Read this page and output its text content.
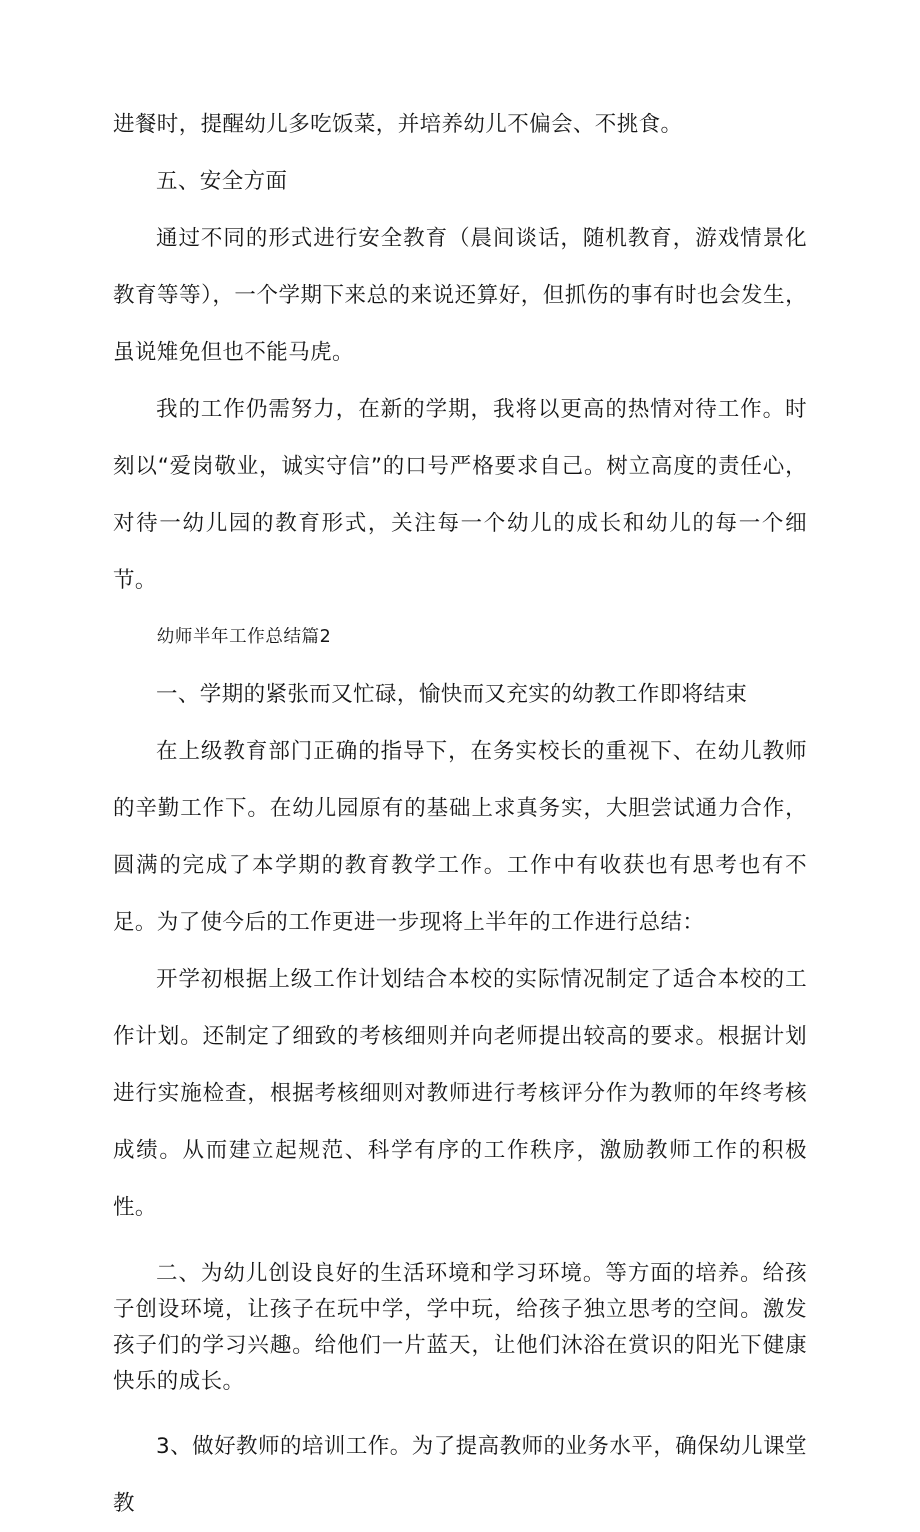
进餐时，提醒幼儿多吃饭菜，并培养幼儿不偏会、不挑食。

五、安全方面

通过不同的形式进行安全教育（晨间谈话，随机教育，游戏情景化教育等等），一个学期下来总的来说还算好，但抓伤的事有时也会发生，虽说雉免但也不能马虎。

我的工作仍需努力，在新的学期，我将以更高的热情对待工作。时刻以“爱岗敬业，诚实守信”的口号严格要求自己。树立高度的责任心，对待一幼儿园的教育形式，关注每一个幼儿的成长和幼儿的每一个细节。

幼师半年工作总结篇2

一、学期的紧张而又忙碌，愉快而又充实的幼教工作即将结束

在上级教育部门正确的指导下，在务实校长的重视下、在幼儿教师的辛勤工作下。在幼儿园原有的基础上求真务实，大胆尝试通力合作，圆满的完成了本学期的教育教学工作。工作中有收获也有思考也有不足。为了使今后的工作更进一步现将上半年的工作进行总结：

开学初根据上级工作计划结合本校的实际情况制定了适合本校的工作计划。还制定了细致的考核细则并向老师提出较高的要求。根据计划进行实施检查，根据考核细则对教师进行考核评分作为教师的年终考核成绩。从而建立起规范、科学有序的工作秩序，激励教师工作的积极性。

二、为幼儿创设良好的生活环境和学习环境。等方面的培养。给孩子创设环境，让孩子在玩中学，学中玩，给孩子独立思考的空间。激发孩子们的学习兴趣。给他们一片蓝天，让他们沐浴在赏识的阳光下健康快乐的成长。

3、做好教师的培训工作。为了提高教师的业务水平，确保幼儿课堂教
